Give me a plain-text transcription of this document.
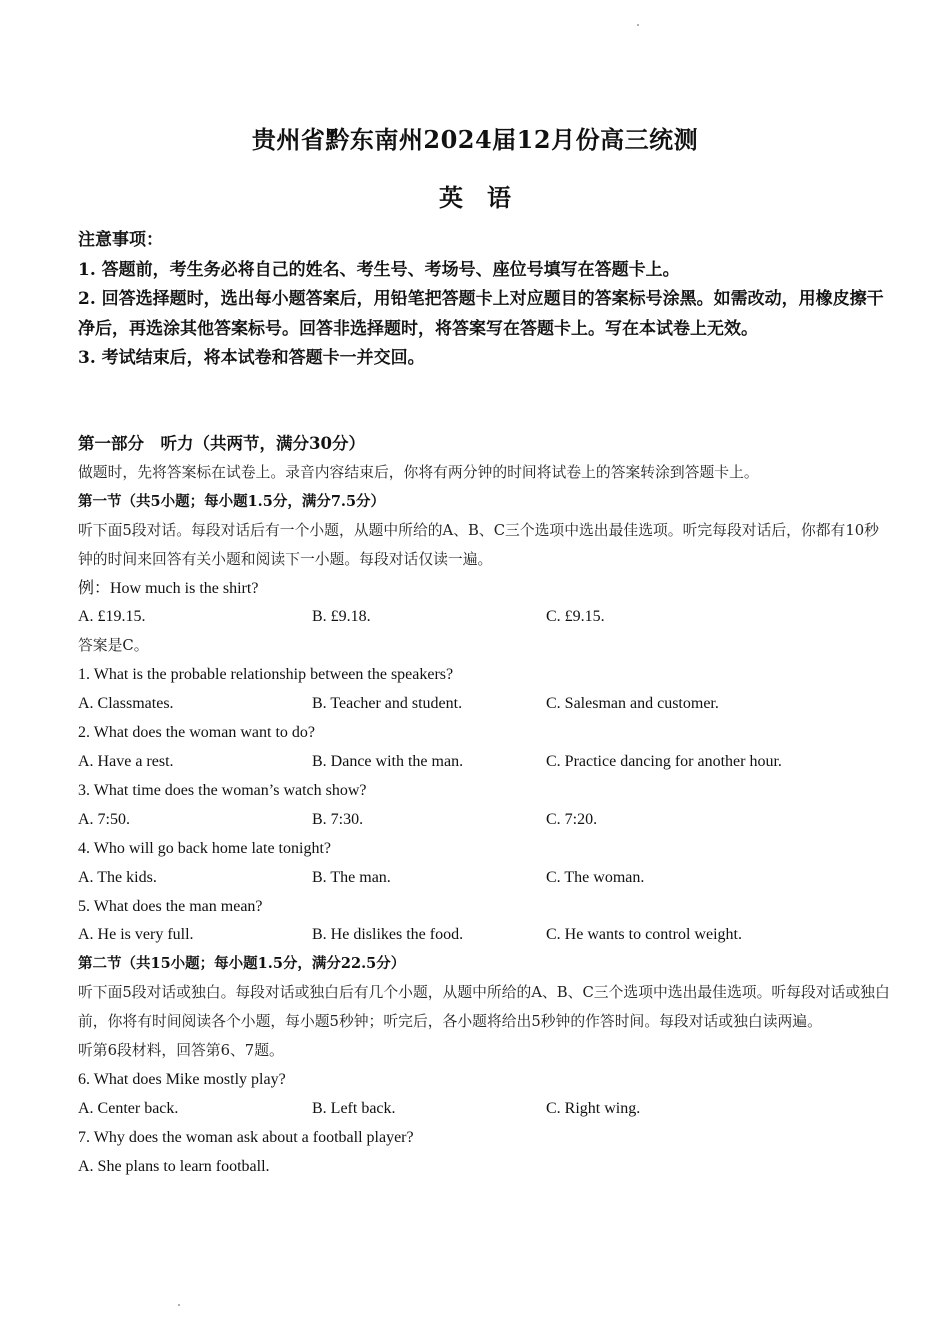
贵州省黔东南州2024届12月份高三统测
英语
注意事项：
1. 答题前，考生务必将自己的姓名、考生号、考场号、座位号填写在答题卡上。
2. 回答选择题时，选出每小题答案后，用铅笔把答题卡上对应题目的答案标号涂黑。如需改动，用橡皮擦干净后，再选涂其他答案标号。回答非选择题时，将答案写在答题卡上。写在本试卷上无效。
3. 考试结束后，将本试卷和答题卡一并交回。
第一部分　听力（共两节，满分30分）
做题时，先将答案标在试卷上。录音内容结束后，你将有两分钟的时间将试卷上的答案转涂到答题卡上。
第一节（共5小题；每小题1.5分，满分7.5分）
听下面5段对话。每段对话后有一个小题，从题中所给的A、B、C三个选项中选出最佳选项。听完每段对话后，你都有10秒钟的时间来回答有关小题和阅读下一小题。每段对话仅读一遍。
例：How much is the shirt?
A. £19.15.	B. £9.18.	C. £9.15.
答案是C。
1. What is the probable relationship between the speakers?
A. Classmates.	B. Teacher and student.	C. Salesman and customer.
2. What does the woman want to do?
A. Have a rest.	B. Dance with the man.	C. Practice dancing for another hour.
3. What time does the woman’s watch show?
A. 7:50.	B. 7:30.	C. 7:20.
4. Who will go back home late tonight?
A. The kids.	B. The man.	C. The woman.
5. What does the man mean?
A. He is very full.	B. He dislikes the food.	C. He wants to control weight.
第二节（共15小题；每小题1.5分，满分22.5分）
听下面5段对话或独白。每段对话或独白后有几个小题，从题中所给的A、B、C三个选项中选出最佳选项。听每段对话或独白前，你将有时间阅读各个小题，每小题5秒钟；听完后，各小题将给出5秒钟的作答时间。每段对话或独白读两遍。
听第6段材料，回答第6、7题。
6. What does Mike mostly play?
A. Center back.	B. Left back.	C. Right wing.
7. Why does the woman ask about a football player?
A. She plans to learn football.
